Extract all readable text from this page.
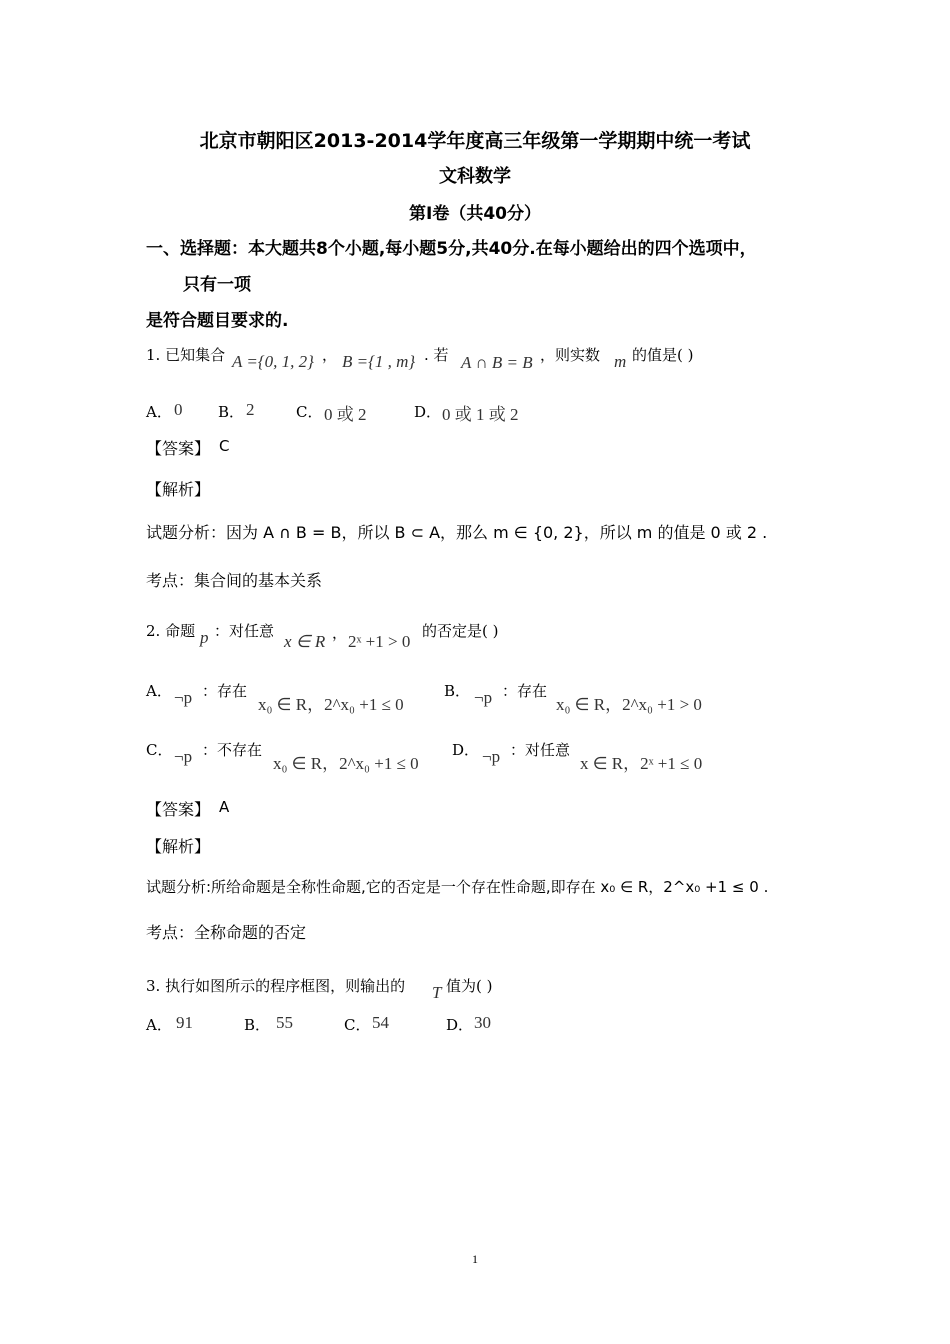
北京市朝阳区2013-2014学年度高三年级第一学期期中统一考试
文科数学
第Ⅰ卷（共40分）
一、选择题：本大题共8个小题,每小题5分,共40分.在每小题给出的四个选项中，
只有一项
是符合题目要求的.
1. 已知集合 A ={0, 1, 2} ， B ={1 , m} . 若 A ∩ B = B ，则实数 m 的值是( )
A． 0 B． 2	C． 0 或 2	D． 0 或 1 或 2
【答案】 C
【解析】
试题分析：因为 A ∩ B = B，所以 B ⊂ A，那么 m ∈ {0, 2}，所以 m 的值是 0 或 2 .
考点：集合间的基本关系
2. 命题 p ：对任意
x ∈ R ， 2ˣ +1 > 0
的否定是( )
A． ¬p ：存在
x₀ ∈ R，2^x₀ +1 ≤ 0
B． ¬p ：存在
x₀ ∈ R，2^x₀ +1 > 0
C． ¬p ：不存在
x₀ ∈ R，2^x₀ +1 ≤ 0
D． ¬p ：对任意
x ∈ R，2ˣ +1 ≤ 0
【答案】 A
【解析】
试题分析:所给命题是全称性命题,它的否定是一个存在性命题,即存在 x₀ ∈ R，2^x₀ +1 ≤ 0 .
考点：全称命题的否定
3. 执行如图所示的程序框图，则输出的 T 值为( )
A． 91	B． 55	C． 54	D． 30
1
